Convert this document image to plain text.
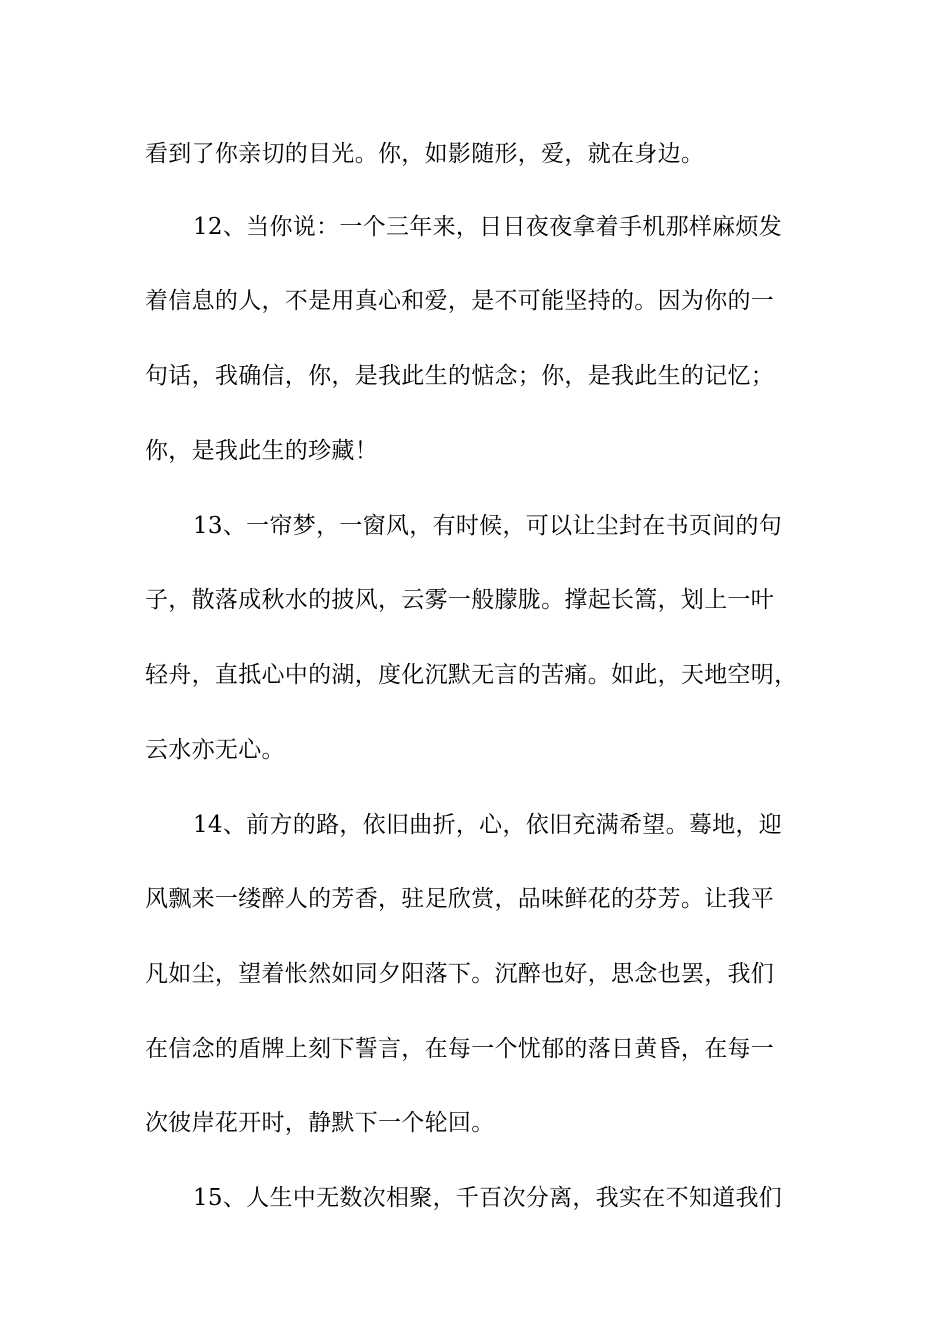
看到了你亲切的目光。你，如影随形，爱，就在身边。
12、当你说：一个三年来，日日夜夜拿着手机那样麻烦发
着信息的人，不是用真心和爱，是不可能坚持的。因为你的一
句话，我确信，你，是我此生的惦念；你，是我此生的记忆；
你，是我此生的珍藏！
13、一帘梦，一窗风，有时候，可以让尘封在书页间的句
子，散落成秋水的披风，云雾一般朦胧。撑起长篙，划上一叶
轻舟，直抵心中的湖，度化沉默无言的苦痛。如此，天地空明，
云水亦无心。
14、前方的路，依旧曲折，心，依旧充满希望。蓦地，迎
风飘来一缕醉人的芳香，驻足欣赏，品味鲜花的芬芳。让我平
凡如尘，望着怅然如同夕阳落下。沉醉也好，思念也罢，我们
在信念的盾牌上刻下誓言，在每一个忧郁的落日黄昏，在每一
次彼岸花开时，静默下一个轮回。
15、人生中无数次相聚，千百次分离，我实在不知道我们
